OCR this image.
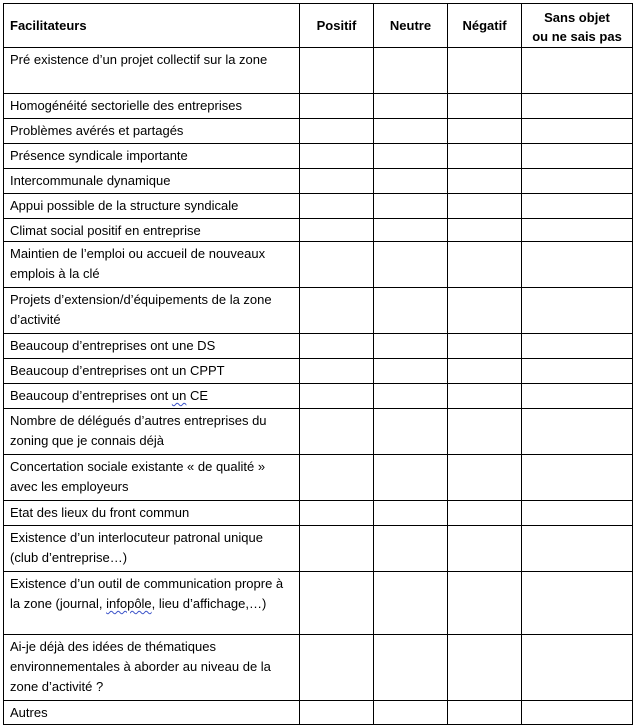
Facilitateurs	Positif	Neutre	Négatif	Sans objet
ou ne sais pas
Pré existence d’un projet collectif sur la zone				
Homogénéité sectorielle des entreprises				
Problèmes avérés et partagés				
Présence syndicale importante				
Intercommunale dynamique				
Appui possible de la structure syndicale				
Climat social positif en entreprise				
Maintien de l’emploi ou accueil de nouveaux emplois à la clé				
Projets d’extension/d’équipements de la zone d’activité				
Beaucoup d’entreprises ont une DS				
Beaucoup d’entreprises ont un CPPT				
Beaucoup d’entreprises ont un CE				
Nombre de délégués d’autres entreprises du zoning que je connais déjà				
Concertation sociale existante « de qualité » avec les employeurs				
Etat des lieux du front commun				
Existence d’un interlocuteur patronal unique (club d’entreprise…)				
Existence d’un outil de communication propre à la zone (journal, infopôle, lieu d’affichage,…)				
Ai-je déjà des idées de thématiques environnementales à aborder au niveau de la zone d’activité ?				
Autres				
